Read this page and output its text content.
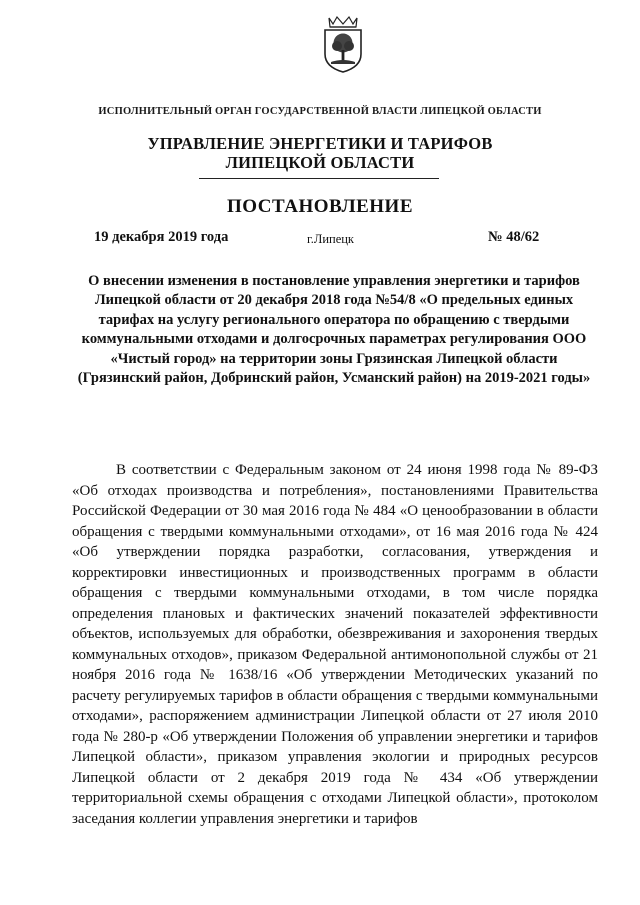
ИСПОЛНИТЕЛЬНЫЙ ОРГАН ГОСУДАРСТВЕННОЙ ВЛАСТИ ЛИПЕЦКОЙ ОБЛАСТИ
УПРАВЛЕНИЕ ЭНЕРГЕТИКИ И ТАРИФОВ
ЛИПЕЦКОЙ ОБЛАСТИ
ПОСТАНОВЛЕНИЕ
19 декабря 2019 года	г.Липецк	№ 48/62
О внесении изменения в постановление управления энергетики и тарифов Липецкой области от 20 декабря 2018 года №54/8 «О предельных единых тарифах на услугу регионального оператора по обращению с твердыми коммунальными отходами и долгосрочных параметрах регулирования ООО «Чистый город» на территории зоны Грязинская Липецкой области (Грязинский район, Добринский район, Усманский район) на 2019-2021 годы»

В соответствии с Федеральным законом от 24 июня 1998 года № 89-ФЗ «Об отходах производства и потребления», постановлениями Правительства Российской Федерации от 30 мая 2016 года № 484 «О ценообразовании в области обращения с твердыми коммунальными отходами», от 16 мая 2016 года № 424 «Об утверждении порядка разработки, согласования, утверждения и корректировки инвестиционных и производственных программ в области обращения с твердыми коммунальными отходами, в том числе порядка определения плановых и фактических значений показателей эффективности объектов, используемых для обработки, обезвреживания и захоронения твердых коммунальных отходов», приказом Федеральной антимонопольной службы от 21 ноября 2016 года № 1638/16 «Об утверждении Методических указаний по расчету регулируемых тарифов в области обращения с твердыми коммунальными отходами», распоряжением администрации Липецкой области от 27 июля 2010 года № 280-р «Об утверждении Положения об управлении энергетики и тарифов Липецкой области», приказом управления экологии и природных ресурсов Липецкой области от 2 декабря 2019 года № 434 «Об утверждении территориальной схемы обращения с отходами Липецкой области», протоколом заседания коллегии управления энергетики и тарифов
